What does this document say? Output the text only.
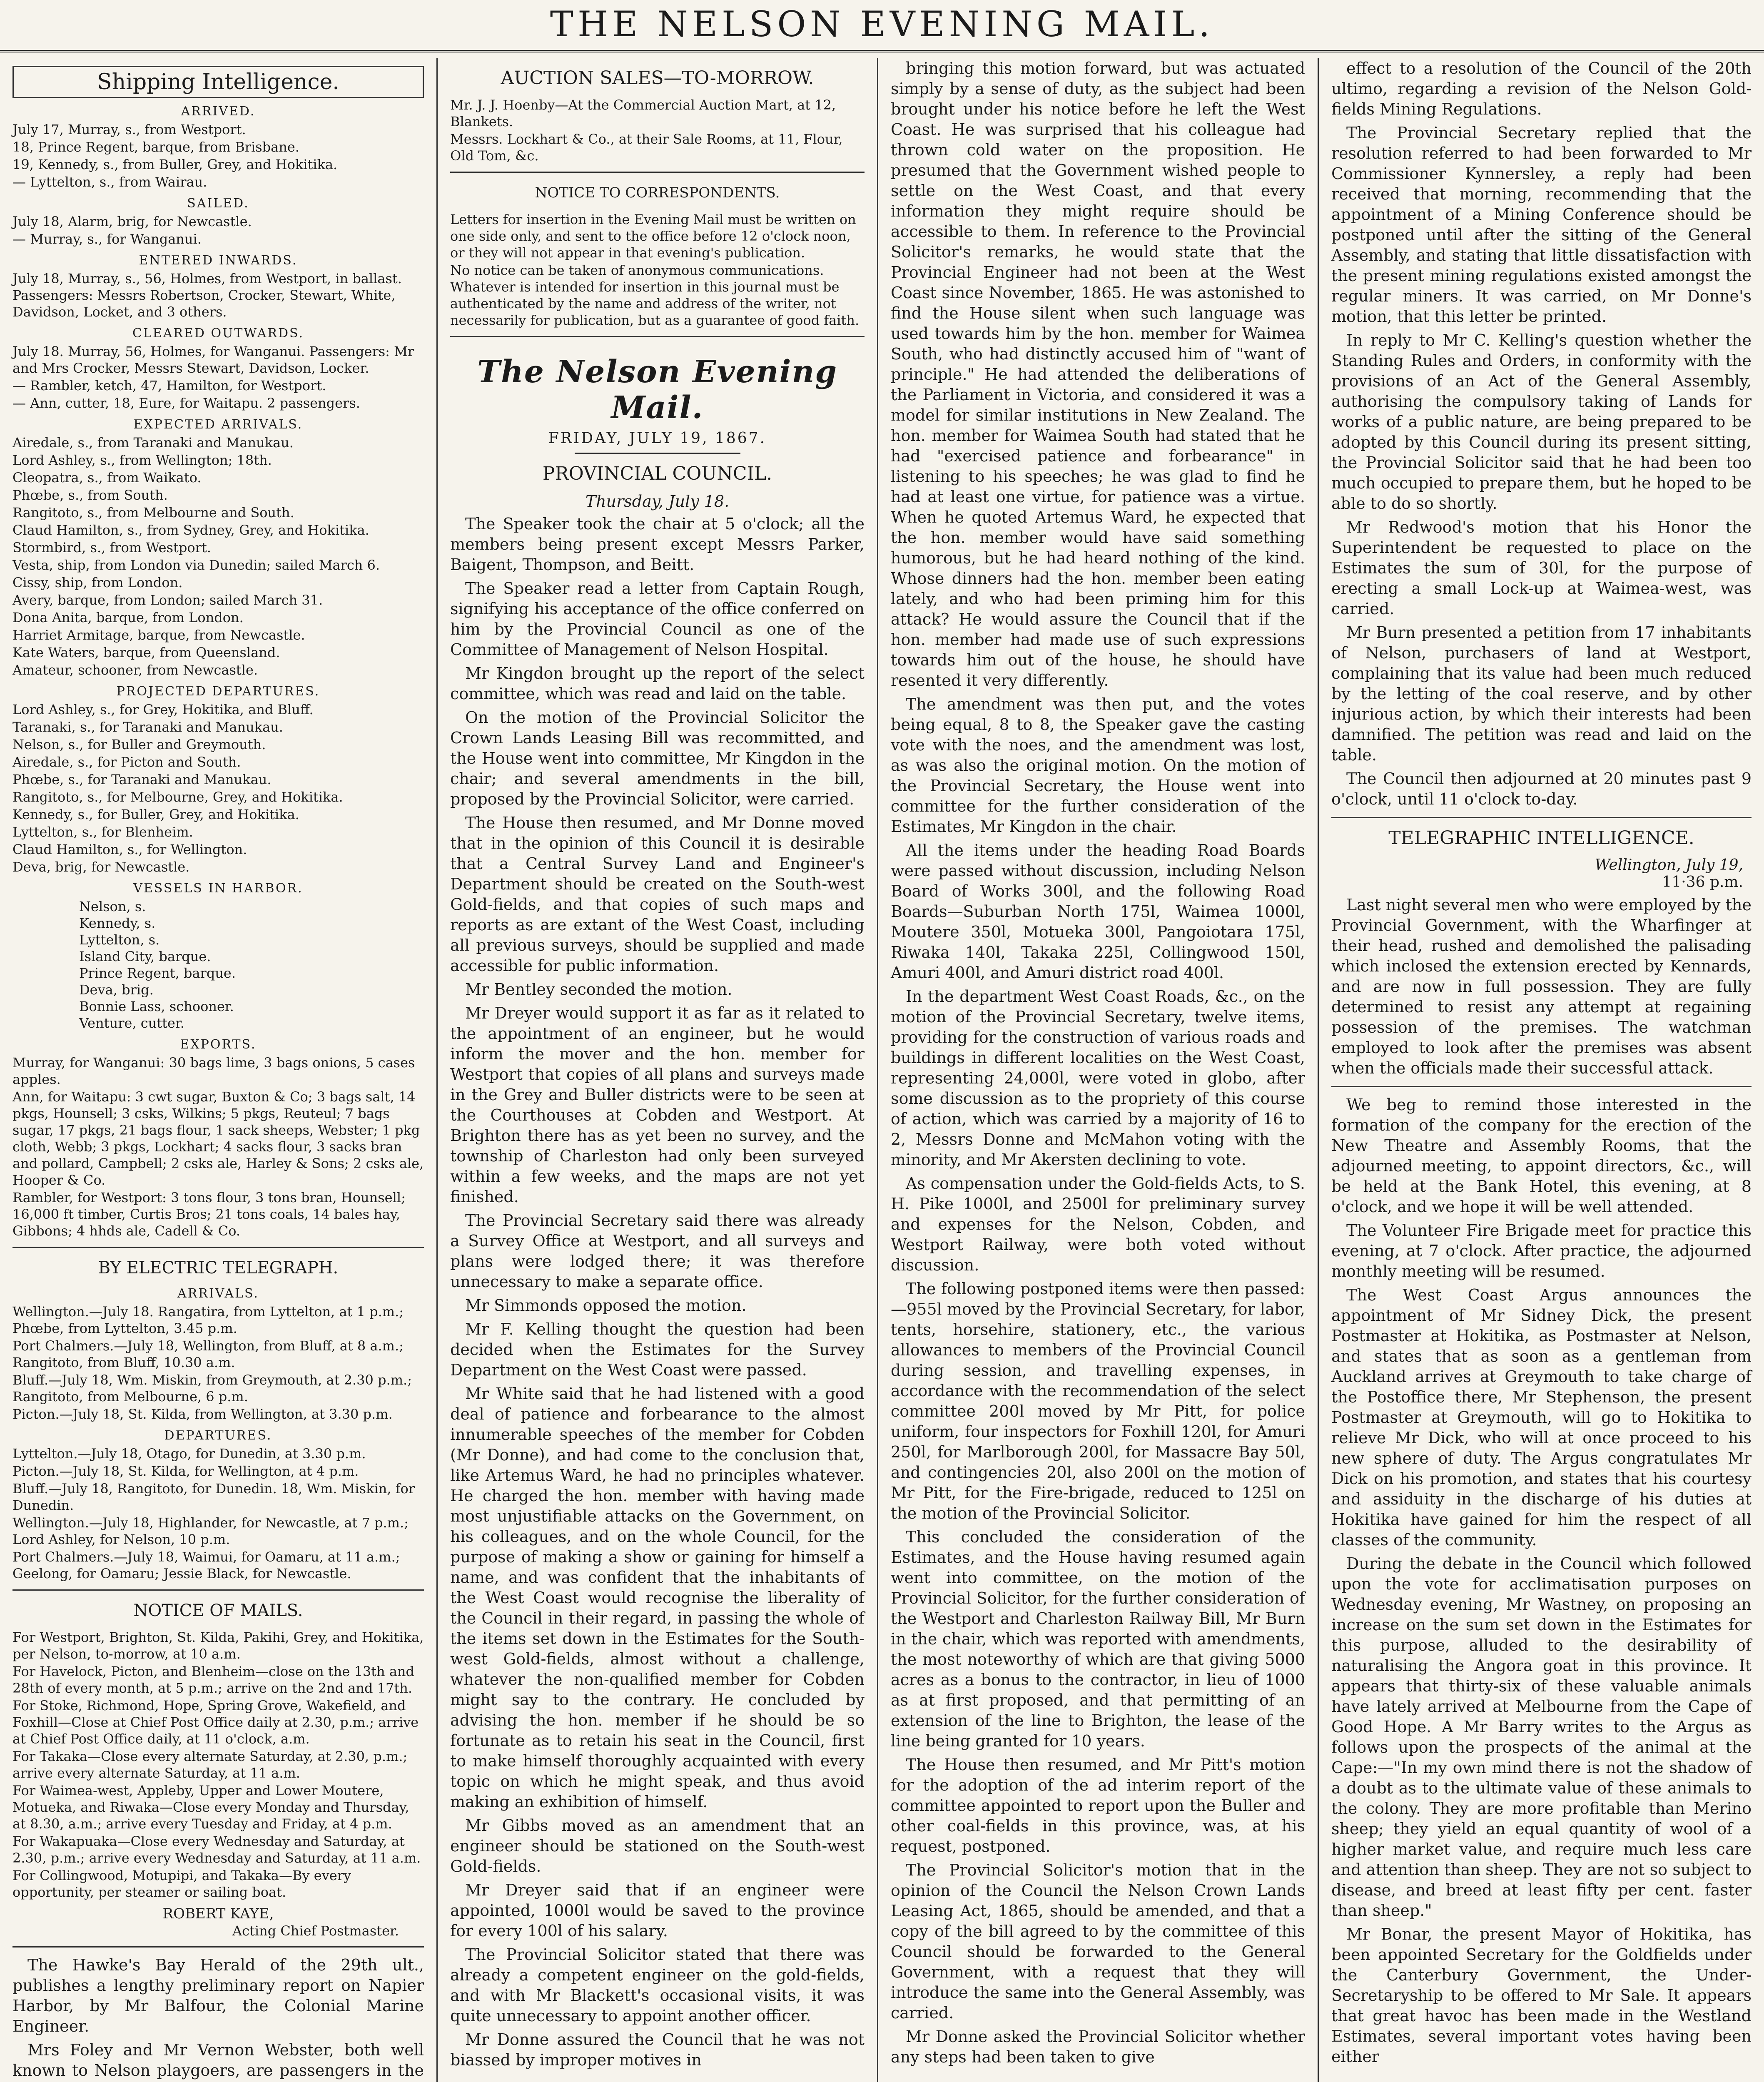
THE NELSON EVENING MAIL.
Shipping Intelligence.
ARRIVED.
July 17, Murray, s., from Westport.
18, Prince Regent, barque, from Brisbane.
19, Kennedy, s., from Buller, Grey, and Hokitika.
— Lyttelton, s., from Wairau.
SAILED.
July 18, Alarm, brig, for Newcastle.
— Murray, s., for Wanganui.
ENTERED INWARDS.
July 18, Murray, s., 56, Holmes, from Westport, in ballast. Passengers: Messrs Robertson, Crocker, Stewart, White, Davidson, Locket, and 3 others.
CLEARED OUTWARDS.
July 18. Murray, 56, Holmes, for Wanganui. Passengers: Mr and Mrs Crocker, Messrs Stewart, Davidson, Locker.
— Rambler, ketch, 47, Hamilton, for Westport.
— Ann, cutter, 18, Eure, for Waitapu. 2 passengers.
EXPECTED ARRIVALS.
Airedale, s., from Taranaki and Manukau.
Lord Ashley, s., from Wellington; 18th.
Cleopatra, s., from Waikato.
Phœbe, s., from South.
Rangitoto, s., from Melbourne and South.
Claud Hamilton, s., from Sydney, Grey, and Hokitika.
Stormbird, s., from Westport.
Vesta, ship, from London via Dunedin; sailed March 6.
Cissy, ship, from London.
Avery, barque, from London; sailed March 31.
Dona Anita, barque, from London.
Harriet Armitage, barque, from Newcastle.
Kate Waters, barque, from Queensland.
Amateur, schooner, from Newcastle.
PROJECTED DEPARTURES.
Lord Ashley, s., for Grey, Hokitika, and Bluff.
Taranaki, s., for Taranaki and Manukau.
Nelson, s., for Buller and Greymouth.
Airedale, s., for Picton and South.
Phœbe, s., for Taranaki and Manukau.
Rangitoto, s., for Melbourne, Grey, and Hokitika.
Kennedy, s., for Buller, Grey, and Hokitika.
Lyttelton, s., for Blenheim.
Claud Hamilton, s., for Wellington.
Deva, brig, for Newcastle.
VESSELS IN HARBOR.
Nelson, s.
Kennedy, s.
Lyttelton, s.
Island City, barque.
Prince Regent, barque.
Deva, brig.
Bonnie Lass, schooner.
Venture, cutter.
EXPORTS.
Murray, for Wanganui: 30 bags lime, 3 bags onions, 5 cases apples.
Ann, for Waitapu: 3 cwt sugar, Buxton & Co; 3 bags salt, 14 pkgs, Hounsell; 3 csks, Wilkins; 5 pkgs, Reuteul; 7 bags sugar, 17 pkgs, 21 bags flour, 1 sack sheeps, Webster; 1 pkg cloth, Webb; 3 pkgs, Lockhart; 4 sacks flour, 3 sacks bran and pollard, Campbell; 2 csks ale, Harley & Sons; 2 csks ale, Hooper & Co.
Rambler, for Westport: 3 tons flour, 3 tons bran, Hounsell; 16,000 ft timber, Curtis Bros; 21 tons coals, 14 bales hay, Gibbons; 4 hhds ale, Cadell & Co.
BY ELECTRIC TELEGRAPH.
ARRIVALS.
Wellington.—July 18. Rangatira, from Lyttelton, at 1 p.m.; Phœbe, from Lyttelton, 3.45 p.m.
Port Chalmers.—July 18, Wellington, from Bluff, at 8 a.m.; Rangitoto, from Bluff, 10.30 a.m.
Bluff.—July 18, Wm. Miskin, from Greymouth, at 2.30 p.m.; Rangitoto, from Melbourne, 6 p.m.
Picton.—July 18, St. Kilda, from Wellington, at 3.30 p.m.
DEPARTURES.
Lyttelton.—July 18, Otago, for Dunedin, at 3.30 p.m.
Picton.—July 18, St. Kilda, for Wellington, at 4 p.m.
Bluff.—July 18, Rangitoto, for Dunedin. 18, Wm. Miskin, for Dunedin.
Wellington.—July 18, Highlander, for Newcastle, at 7 p.m.; Lord Ashley, for Nelson, 10 p.m.
Port Chalmers.—July 18, Waimui, for Oamaru, at 11 a.m.; Geelong, for Oamaru; Jessie Black, for Newcastle.
NOTICE OF MAILS.
For Westport, Brighton, St. Kilda, Pakihi, Grey, and Hokitika, per Nelson, to-morrow, at 10 a.m.
For Havelock, Picton, and Blenheim—close on the 13th and 28th of every month, at 5 p.m.; arrive on the 2nd and 17th.
For Stoke, Richmond, Hope, Spring Grove, Wakefield, and Foxhill—Close at Chief Post Office daily at 2.30, p.m.; arrive at Chief Post Office daily, at 11 o'clock, a.m.
For Takaka—Close every alternate Saturday, at 2.30, p.m.; arrive every alternate Saturday, at 11 a.m.
For Waimea-west, Appleby, Upper and Lower Moutere, Motueka, and Riwaka—Close every Monday and Thursday, at 8.30, a.m.; arrive every Tuesday and Friday, at 4 p.m.
For Wakapuaka—Close every Wednesday and Saturday, at 2.30, p.m.; arrive every Wednesday and Saturday, at 11 a.m.
For Collingwood, Motupipi, and Takaka—By every opportunity, per steamer or sailing boat.
ROBERT KAYE,
Acting Chief Postmaster.

The Hawke's Bay Herald of the 29th ult., publishes a lengthy preliminary report on Napier Harbor, by Mr Balfour, the Colonial Marine Engineer.

Mrs Foley and Mr Vernon Webster, both well known to Nelson playgoers, are passengers in the

AUCTION SALES—TO-MORROW.
Mr. J. J. Hoenby—At the Commercial Auction Mart, at 12, Blankets.
Messrs. Lockhart & Co., at their Sale Rooms, at 11, Flour, Old Tom, &c.
NOTICE TO CORRESPONDENTS.
Letters for insertion in the Evening Mail must be written on one side only, and sent to the office before 12 o'clock noon, or they will not appear in that evening's publication.
No notice can be taken of anonymous communications. Whatever is intended for insertion in this journal must be authenticated by the name and address of the writer, not necessarily for publication, but as a guarantee of good faith.
The Nelson Evening Mail.
FRIDAY, JULY 19, 1867.
PROVINCIAL COUNCIL.
Thursday, July 18.

The Speaker took the chair at 5 o'clock; all the members being present except Messrs Parker, Baigent, Thompson, and Beitt.

The Speaker read a letter from Captain Rough, signifying his acceptance of the office conferred on him by the Provincial Council as one of the Committee of Management of Nelson Hospital.

Mr Kingdon brought up the report of the select committee, which was read and laid on the table.

On the motion of the Provincial Solicitor the Crown Lands Leasing Bill was recommitted, and the House went into committee, Mr Kingdon in the chair; and several amendments in the bill, proposed by the Provincial Solicitor, were carried.

The House then resumed, and Mr Donne moved that in the opinion of this Council it is desirable that a Central Survey Land and Engineer's Department should be created on the South-west Gold-fields, and that copies of such maps and reports as are extant of the West Coast, including all previous surveys, should be supplied and made accessible for public information.

Mr Bentley seconded the motion.

Mr Dreyer would support it as far as it related to the appointment of an engineer, but he would inform the mover and the hon. member for Westport that copies of all plans and surveys made in the Grey and Buller districts were to be seen at the Courthouses at Cobden and Westport. At Brighton there has as yet been no survey, and the township of Charleston had only been surveyed within a few weeks, and the maps are not yet finished.

The Provincial Secretary said there was already a Survey Office at Westport, and all surveys and plans were lodged there; it was therefore unnecessary to make a separate office.

Mr Simmonds opposed the motion.

Mr F. Kelling thought the question had been decided when the Estimates for the Survey Department on the West Coast were passed.

Mr White said that he had listened with a good deal of patience and forbearance to the almost innumerable speeches of the member for Cobden (Mr Donne), and had come to the conclusion that, like Artemus Ward, he had no principles whatever. He charged the hon. member with having made most unjustifiable attacks on the Government, on his colleagues, and on the whole Council, for the purpose of making a show or gaining for himself a name, and was confident that the inhabitants of the West Coast would recognise the liberality of the Council in their regard, in passing the whole of the items set down in the Estimates for the South-west Gold-fields, almost without a challenge, whatever the non-qualified member for Cobden might say to the contrary. He concluded by advising the hon. member if he should be so fortunate as to retain his seat in the Council, first to make himself thoroughly acquainted with every topic on which he might speak, and thus avoid making an exhibition of himself.

Mr Gibbs moved as an amendment that an engineer should be stationed on the South-west Gold-fields.

Mr Dreyer said that if an engineer were appointed, 1000l would be saved to the province for every 100l of his salary.

The Provincial Solicitor stated that there was already a competent engineer on the gold-fields, and with Mr Blackett's occasional visits, it was quite unnecessary to appoint another officer.

Mr Donne assured the Council that he was not biassed by improper motives in

bringing this motion forward, but was actuated simply by a sense of duty, as the subject had been brought under his notice before he left the West Coast. He was surprised that his colleague had thrown cold water on the proposition. He presumed that the Government wished people to settle on the West Coast, and that every information they might require should be accessible to them. In reference to the Provincial Solicitor's remarks, he would state that the Provincial Engineer had not been at the West Coast since November, 1865. He was astonished to find the House silent when such language was used towards him by the hon. member for Waimea South, who had distinctly accused him of "want of principle." He had attended the deliberations of the Parliament in Victoria, and considered it was a model for similar institutions in New Zealand. The hon. member for Waimea South had stated that he had "exercised patience and forbearance" in listening to his speeches; he was glad to find he had at least one virtue, for patience was a virtue. When he quoted Artemus Ward, he expected that the hon. member would have said something humorous, but he had heard nothing of the kind. Whose dinners had the hon. member been eating lately, and who had been priming him for this attack? He would assure the Council that if the hon. member had made use of such expressions towards him out of the house, he should have resented it very differently.

The amendment was then put, and the votes being equal, 8 to 8, the Speaker gave the casting vote with the noes, and the amendment was lost, as was also the original motion. On the motion of the Provincial Secretary, the House went into committee for the further consideration of the Estimates, Mr Kingdon in the chair.

All the items under the heading Road Boards were passed without discussion, including Nelson Board of Works 300l, and the following Road Boards—Suburban North 175l, Waimea 1000l, Moutere 350l, Motueka 300l, Pangoiotara 175l, Riwaka 140l, Takaka 225l, Collingwood 150l, Amuri 400l, and Amuri district road 400l.

In the department West Coast Roads, &c., on the motion of the Provincial Secretary, twelve items, providing for the construction of various roads and buildings in different localities on the West Coast, representing 24,000l, were voted in globo, after some discussion as to the propriety of this course of action, which was carried by a majority of 16 to 2, Messrs Donne and McMahon voting with the minority, and Mr Akersten declining to vote.

As compensation under the Gold-fields Acts, to S. H. Pike 1000l, and 2500l for preliminary survey and expenses for the Nelson, Cobden, and Westport Railway, were both voted without discussion.

The following postponed items were then passed:—955l moved by the Provincial Secretary, for labor, tents, horsehire, stationery, etc., the various allowances to members of the Provincial Council during session, and travelling expenses, in accordance with the recommendation of the select committee 200l moved by Mr Pitt, for police uniform, four inspectors for Foxhill 120l, for Amuri 250l, for Marlborough 200l, for Massacre Bay 50l, and contingencies 20l, also 200l on the motion of Mr Pitt, for the Fire-brigade, reduced to 125l on the motion of the Provincial Solicitor.

This concluded the consideration of the Estimates, and the House having resumed again went into committee, on the motion of the Provincial Solicitor, for the further consideration of the Westport and Charleston Railway Bill, Mr Burn in the chair, which was reported with amendments, the most noteworthy of which are that giving 5000 acres as a bonus to the contractor, in lieu of 1000 as at first proposed, and that permitting of an extension of the line to Brighton, the lease of the line being granted for 10 years.

The House then resumed, and Mr Pitt's motion for the adoption of the ad interim report of the committee appointed to report upon the Buller and other coal-fields in this province, was, at his request, postponed.

The Provincial Solicitor's motion that in the opinion of the Council the Nelson Crown Lands Leasing Act, 1865, should be amended, and that a copy of the bill agreed to by the committee of this Council should be forwarded to the General Government, with a request that they will introduce the same into the General Assembly, was carried.

Mr Donne asked the Provincial Solicitor whether any steps had been taken to give

effect to a resolution of the Council of the 20th ultimo, regarding a revision of the Nelson Gold-fields Mining Regulations.

The Provincial Secretary replied that the resolution referred to had been forwarded to Mr Commissioner Kynnersley, a reply had been received that morning, recommending that the appointment of a Mining Conference should be postponed until after the sitting of the General Assembly, and stating that little dissatisfaction with the present mining regulations existed amongst the regular miners. It was carried, on Mr Donne's motion, that this letter be printed.

In reply to Mr C. Kelling's question whether the Standing Rules and Orders, in conformity with the provisions of an Act of the General Assembly, authorising the compulsory taking of Lands for works of a public nature, are being prepared to be adopted by this Council during its present sitting, the Provincial Solicitor said that he had been too much occupied to prepare them, but he hoped to be able to do so shortly.

Mr Redwood's motion that his Honor the Superintendent be requested to place on the Estimates the sum of 30l, for the purpose of erecting a small Lock-up at Waimea-west, was carried.

Mr Burn presented a petition from 17 inhabitants of Nelson, purchasers of land at Westport, complaining that its value had been much reduced by the letting of the coal reserve, and by other injurious action, by which their interests had been damnified. The petition was read and laid on the table.

The Council then adjourned at 20 minutes past 9 o'clock, until 11 o'clock to-day.

TELEGRAPHIC INTELLIGENCE.
Wellington, July 19,
11·36 p.m.

Last night several men who were employed by the Provincial Government, with the Wharfinger at their head, rushed and demolished the palisading which inclosed the extension erected by Kennards, and are now in full possession. They are fully determined to resist any attempt at regaining possession of the premises. The watchman employed to look after the premises was absent when the officials made their successful attack.

We beg to remind those interested in the formation of the company for the erection of the New Theatre and Assembly Rooms, that the adjourned meeting, to appoint directors, &c., will be held at the Bank Hotel, this evening, at 8 o'clock, and we hope it will be well attended.

The Volunteer Fire Brigade meet for practice this evening, at 7 o'clock. After practice, the adjourned monthly meeting will be resumed.

The West Coast Argus announces the appointment of Mr Sidney Dick, the present Postmaster at Hokitika, as Postmaster at Nelson, and states that as soon as a gentleman from Auckland arrives at Greymouth to take charge of the Postoffice there, Mr Stephenson, the present Postmaster at Greymouth, will go to Hokitika to relieve Mr Dick, who will at once proceed to his new sphere of duty. The Argus congratulates Mr Dick on his promotion, and states that his courtesy and assiduity in the discharge of his duties at Hokitika have gained for him the respect of all classes of the community.

During the debate in the Council which followed upon the vote for acclimatisation purposes on Wednesday evening, Mr Wastney, on proposing an increase on the sum set down in the Estimates for this purpose, alluded to the desirability of naturalising the Angora goat in this province. It appears that thirty-six of these valuable animals have lately arrived at Melbourne from the Cape of Good Hope. A Mr Barry writes to the Argus as follows upon the prospects of the animal at the Cape:—"In my own mind there is not the shadow of a doubt as to the ultimate value of these animals to the colony. They are more profitable than Merino sheep; they yield an equal quantity of wool of a higher market value, and require much less care and attention than sheep. They are not so subject to disease, and breed at least fifty per cent. faster than sheep."

Mr Bonar, the present Mayor of Hokitika, has been appointed Secretary for the Goldfields under the Canterbury Government, the Under-Secretaryship to be offered to Mr Sale. It appears that great havoc has been made in the Westland Estimates, several important votes having been either
